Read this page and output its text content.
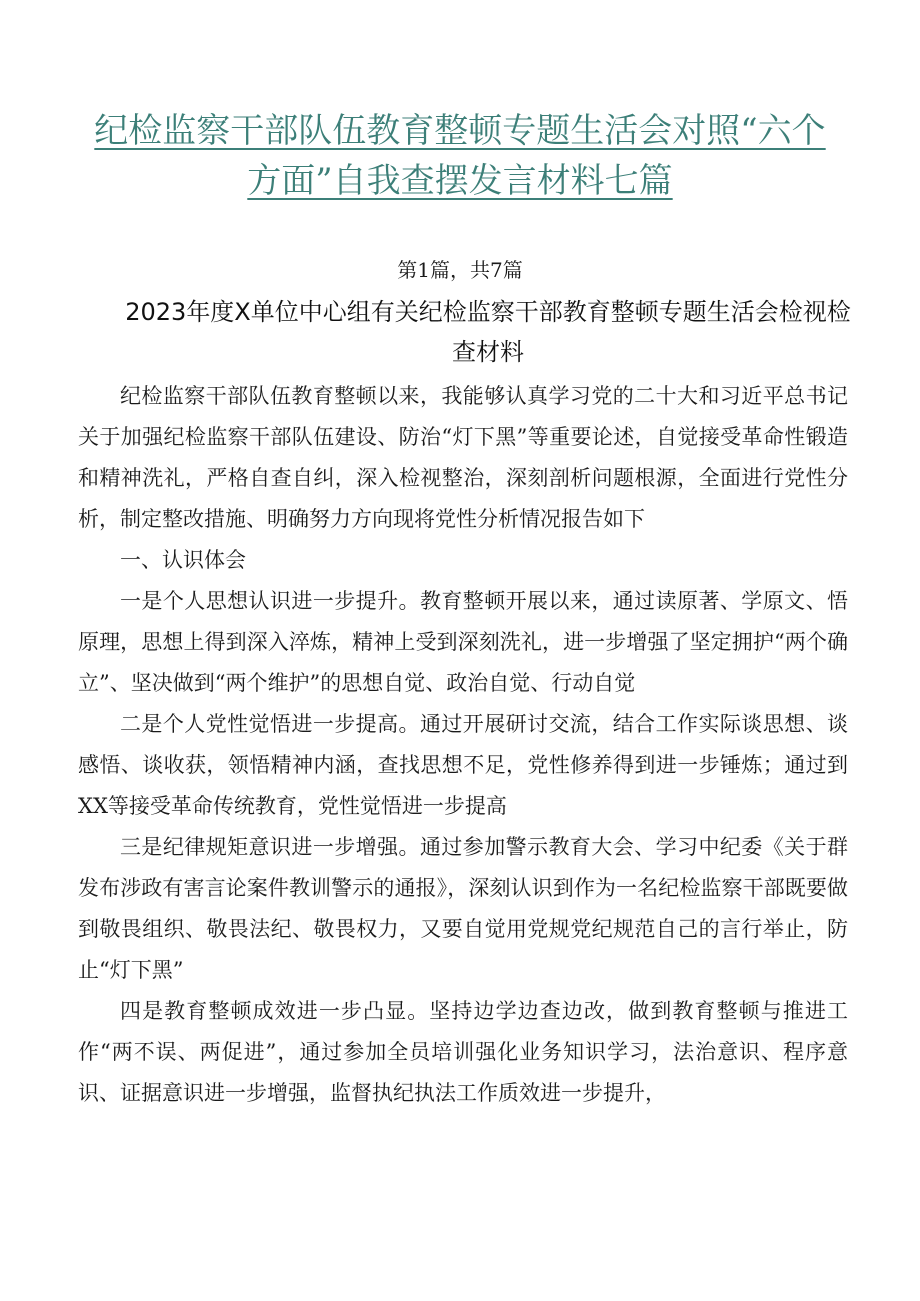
纪检监察干部队伍教育整顿专题生活会对照“六个方面”自我查摆发言材料七篇
第1篇，共7篇
2023年度X单位中心组有关纪检监察干部教育整顿专题生活会检视检查材料

纪检监察干部队伍教育整顿以来，我能够认真学习党的二十大和习近平总书记关于加强纪检监察干部队伍建设、防治“灯下黑”等重要论述，自觉接受革命性锻造和精神洗礼，严格自查自纠，深入检视整治，深刻剖析问题根源，全面进行党性分析，制定整改措施、明确努力方向现将党性分析情况报告如下

一、认识体会

一是个人思想认识进一步提升。教育整顿开展以来，通过读原著、学原文、悟原理，思想上得到深入淬炼，精神上受到深刻洗礼，进一步增强了坚定拥护“两个确立”、坚决做到“两个维护”的思想自觉、政治自觉、行动自觉

二是个人党性觉悟进一步提高。通过开展研讨交流，结合工作实际谈思想、谈感悟、谈收获，领悟精神内涵，查找思想不足，党性修养得到进一步锤炼；通过到XX等接受革命传统教育，党性觉悟进一步提高

三是纪律规矩意识进一步增强。通过参加警示教育大会、学习中纪委《关于群发布涉政有害言论案件教训警示的通报》，深刻认识到作为一名纪检监察干部既要做到敬畏组织、敬畏法纪、敬畏权力，又要自觉用党规党纪规范自己的言行举止，防止“灯下黑”

四是教育整顿成效进一步凸显。坚持边学边查边改，做到教育整顿与推进工作“两不误、两促进”，通过参加全员培训强化业务知识学习，法治意识、程序意识、证据意识进一步增强，监督执纪执法工作质效进一步提升，
